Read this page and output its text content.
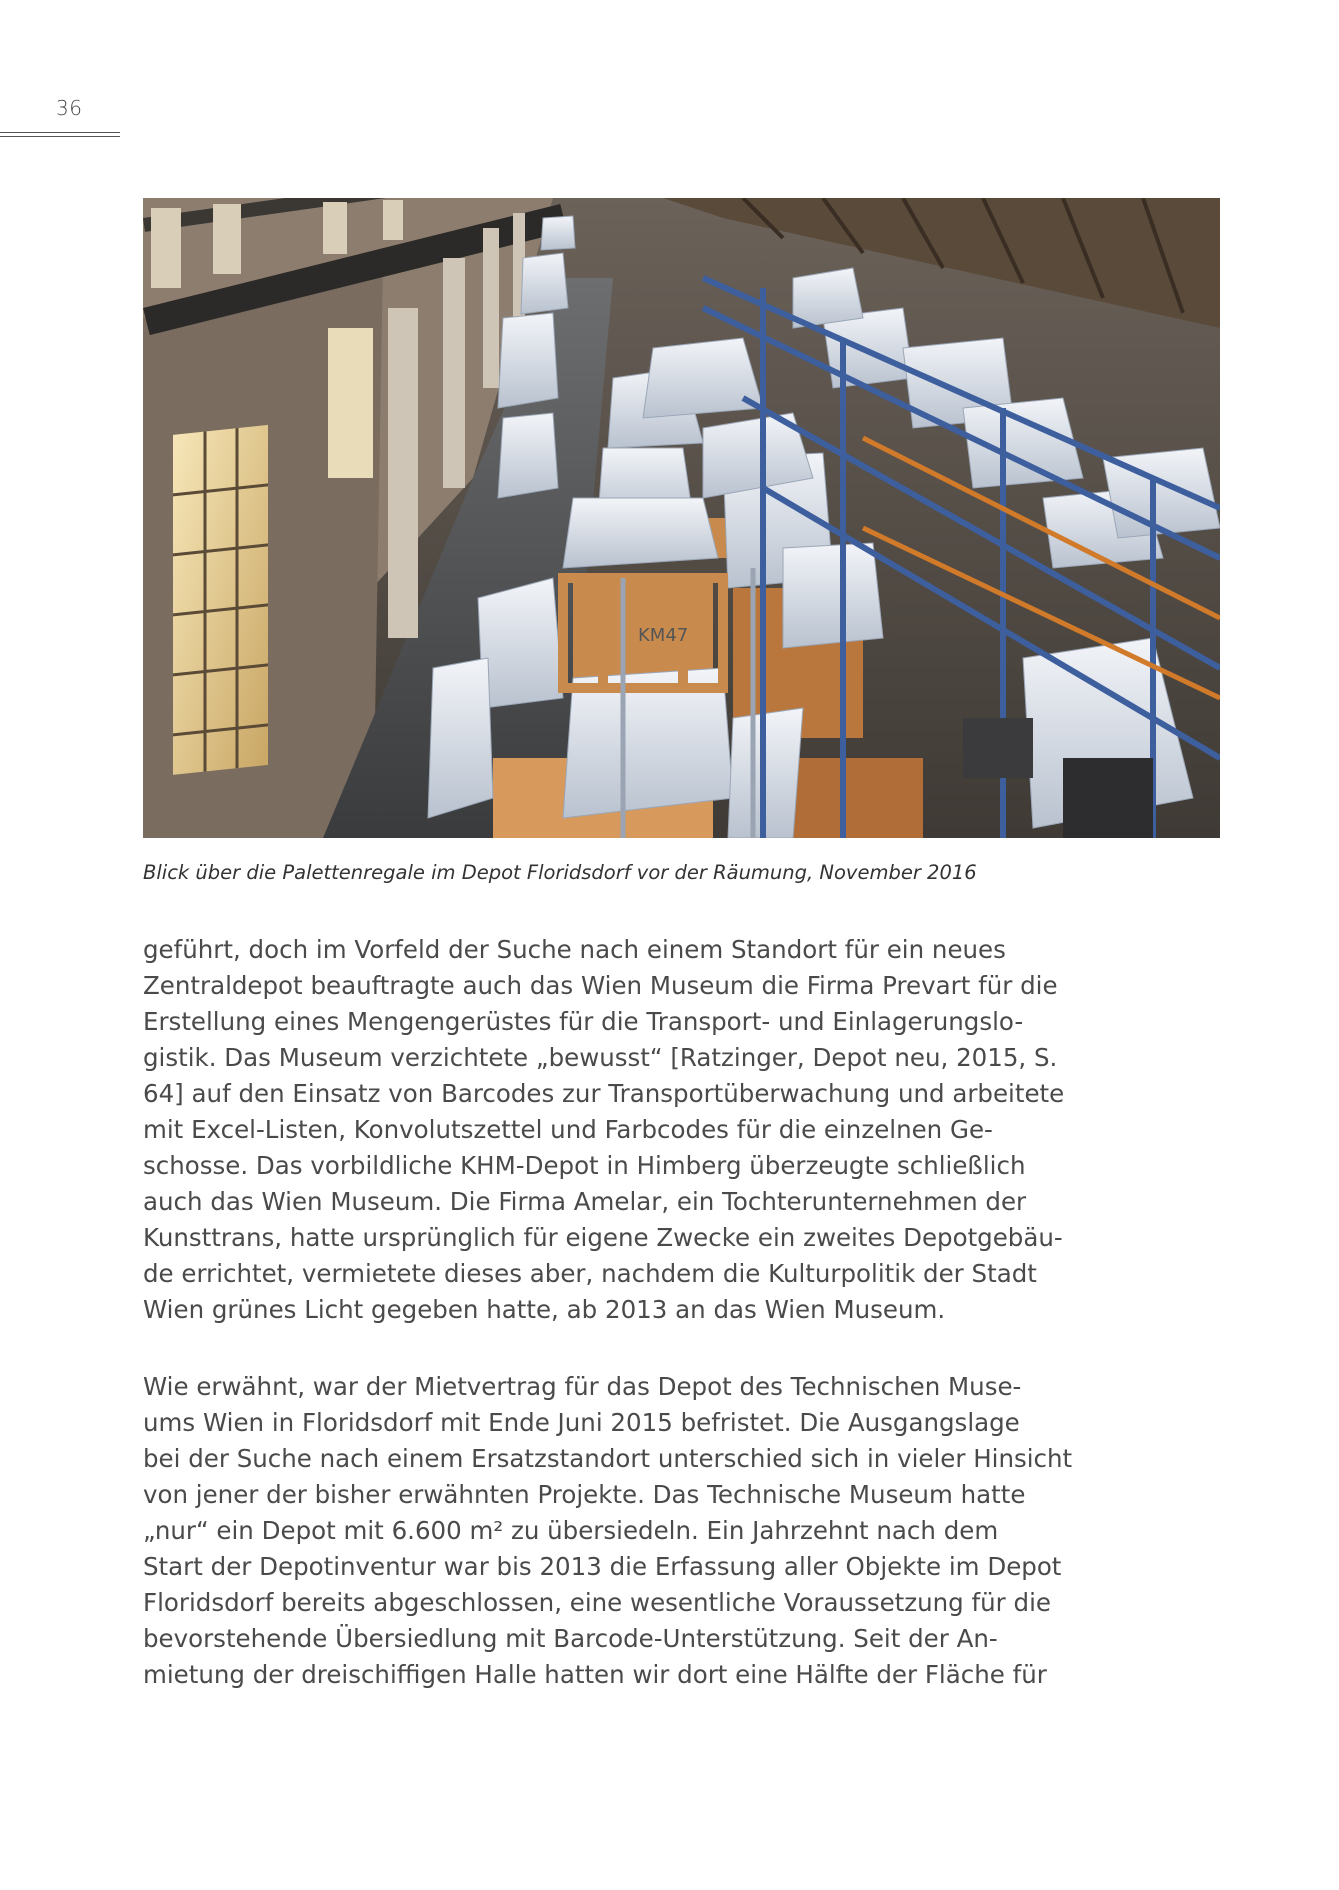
36
KM47
Blick über die Palettenregale im Depot Floridsdorf vor der Räumung, November 2016
geführt, doch im Vorfeld der Suche nach einem Standort für ein neues
Zentraldepot beauftragte auch das Wien Museum die Firma Prevart für die
Erstellung eines Mengengerüstes für die Transport- und Einlagerungslo-
gistik. Das Museum verzichtete „bewusst“ [Ratzinger, Depot neu, 2015, S.
64] auf den Einsatz von Barcodes zur Transportüberwachung und arbeitete
mit Excel-Listen, Konvolutszettel und Farbcodes für die einzelnen Ge-
schosse. Das vorbildliche KHM-Depot in Himberg überzeugte schließlich
auch das Wien Museum. Die Firma Amelar, ein Tochterunternehmen der
Kunsttrans, hatte ursprünglich für eigene Zwecke ein zweites Depotgebäu-
de errichtet, vermietete dieses aber, nachdem die Kulturpolitik der Stadt
Wien grünes Licht gegeben hatte, ab 2013 an das Wien Museum.
Wie erwähnt, war der Mietvertrag für das Depot des Technischen Muse-
ums Wien in Floridsdorf mit Ende Juni 2015 befristet. Die Ausgangslage
bei der Suche nach einem Ersatzstandort unterschied sich in vieler Hinsicht
von jener der bisher erwähnten Projekte. Das Technische Museum hatte
„nur“ ein Depot mit 6.600 m² zu übersiedeln. Ein Jahrzehnt nach dem
Start der Depotinventur war bis 2013 die Erfassung aller Objekte im Depot
Floridsdorf bereits abgeschlossen, eine wesentliche Voraussetzung für die
bevorstehende Übersiedlung mit Barcode-Unterstützung. Seit der An-
mietung der dreischiffigen Halle hatten wir dort eine Hälfte der Fläche für
